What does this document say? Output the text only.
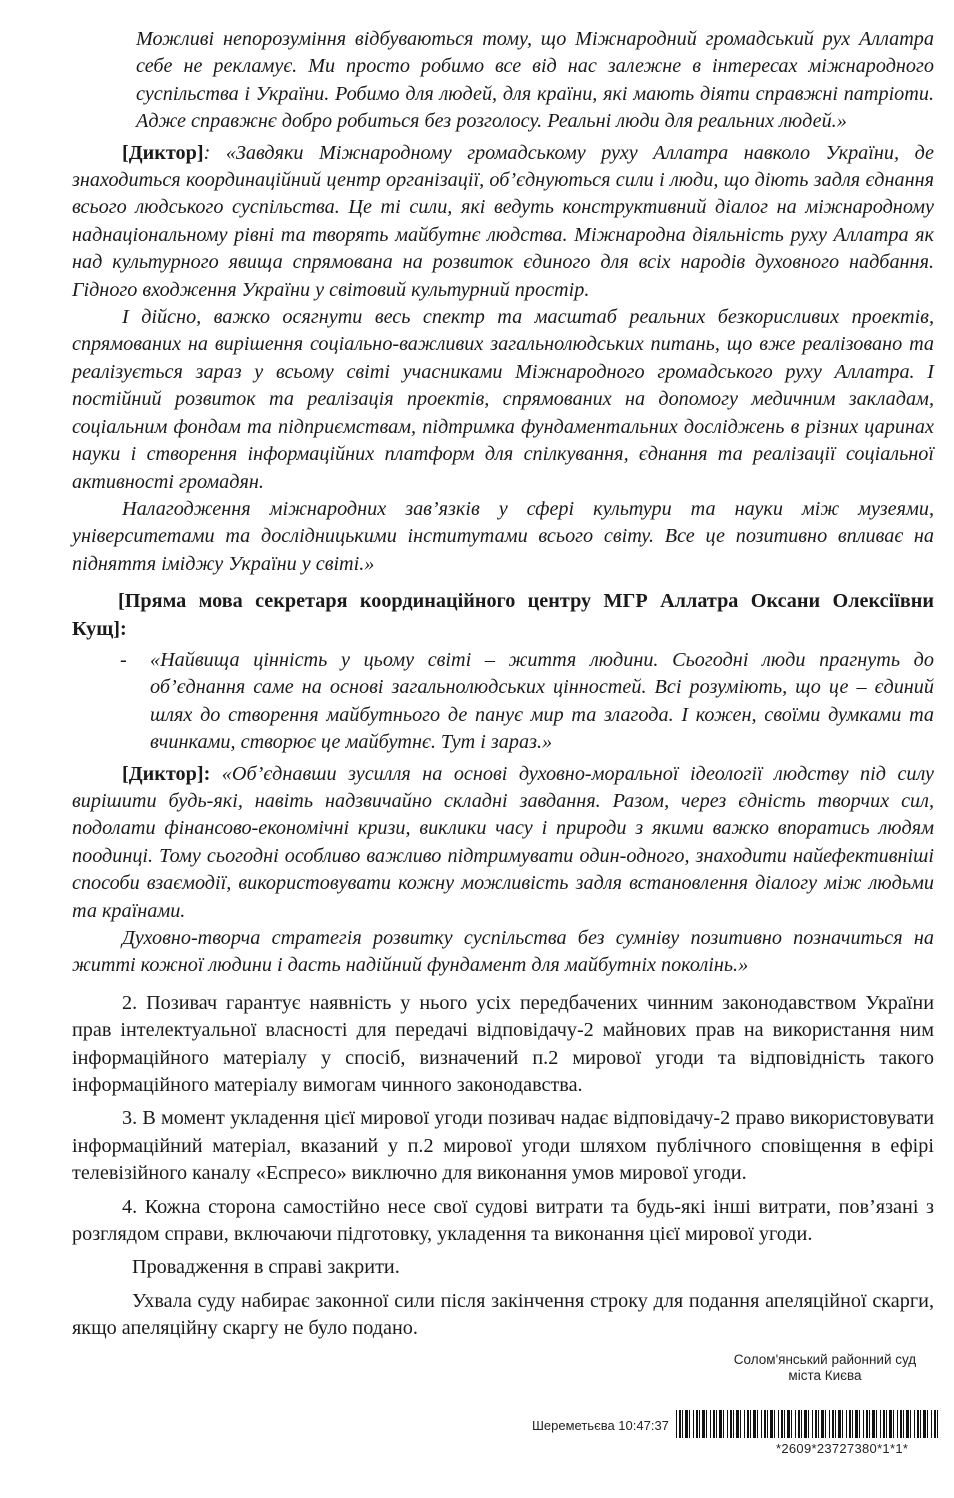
Можливі непорозуміння відбуваються тому, що Міжнародний громадський рух Аллатра себе не рекламує. Ми просто робимо все від нас залежне в інтересах міжнародного суспільства і України. Робимо для людей, для країни, які мають діяти справжні патріоти. Адже справжнє добро робиться без розголосу. Реальні люди для реальних людей.»

[Диктор]: «Завдяки Міжнародному громадському руху Аллатра навколо України, де знаходиться координаційний центр організації, об’єднуються сили і люди, що діють задля єднання всього людського суспільства. Це ті сили, які ведуть конструктивний діалог на міжнародному наднаціональному рівні та творять майбутнє людства. Міжнародна діяльність руху Аллатра як над культурного явища спрямована на розвиток єдиного для всіх народів духовного надбання. Гідного входження України у світовий культурний простір.

І дійсно, важко осягнути весь спектр та масштаб реальних безкорисливих проектів, спрямованих на вирішення соціально-важливих загальнолюдських питань, що вже реалізовано та реалізується зараз у всьому світі учасниками Міжнародного громадського руху Аллатра. І постійний розвиток та реалізація проектів, спрямованих на допомогу медичним закладам, соціальним фондам та підприємствам, підтримка фундаментальних досліджень в різних царинах науки і створення інформаційних платформ для спілкування, єднання та реалізації соціальної активності громадян.

Налагодження міжнародних зав’язків у сфері культури та науки між музеями, університетами та дослідницькими інститутами всього світу. Все це позитивно впливає на підняття іміджу України у світі.»

[Пряма мова секретаря координаційного центру МГР Аллатра Оксани Олексіївни Кущ]:

- «Найвища цінність у цьому світі – життя людини. Сьогодні люди прагнуть до об’єднання саме на основі загальнолюдських цінностей. Всі розуміють, що це – єдиний шлях до створення майбутнього де панує мир та злагода. І кожен, своїми думками та вчинками, створює це майбутнє. Тут і зараз.»

[Диктор]: «Об’єднавши зусилля на основі духовно-моральної ідеології людству під силу вирішити будь-які, навіть надзвичайно складні завдання. Разом, через єдність творчих сил, подолати фінансово-економічні кризи, виклики часу і природи з якими важко впоратись людям поодинці. Тому сьогодні особливо важливо підтримувати один-одного, знаходити найефективніші способи взаємодії, використовувати кожну можливість задля встановлення діалогу між людьми та країнами.

Духовно-творча стратегія розвитку суспільства без сумніву позитивно позначиться на житті кожної людини і дасть надійний фундамент для майбутніх поколінь.»

2. Позивач гарантує наявність у нього усіх передбачених чинним законодавством України прав інтелектуальної власності для передачі відповідачу-2 майнових прав на використання ним інформаційного матеріалу у спосіб, визначений п.2 мирової угоди та відповідність такого інформаційного матеріалу вимогам чинного законодавства.

3. В момент укладення цієї мирової угоди позивач надає відповідачу-2 право використовувати інформаційний матеріал, вказаний у п.2 мирової угоди шляхом публічного сповіщення в ефірі телевізійного каналу «Еспресо» виключно для виконання умов мирової угоди.

4. Кожна сторона самостійно несе свої судові витрати та будь-які інші витрати, пов’язані з розглядом справи, включаючи підготовку, укладення та виконання цієї мирової угоди.

Провадження в справі закрити.

Ухвала суду набирає законної сили після закінчення строку для подання апеляційної скарги, якщо апеляційну скаргу не було подано.

Солом'янський районний суд
міста Києва
Шереметьєва 10:47:37
*2609*23727380*1*1*
